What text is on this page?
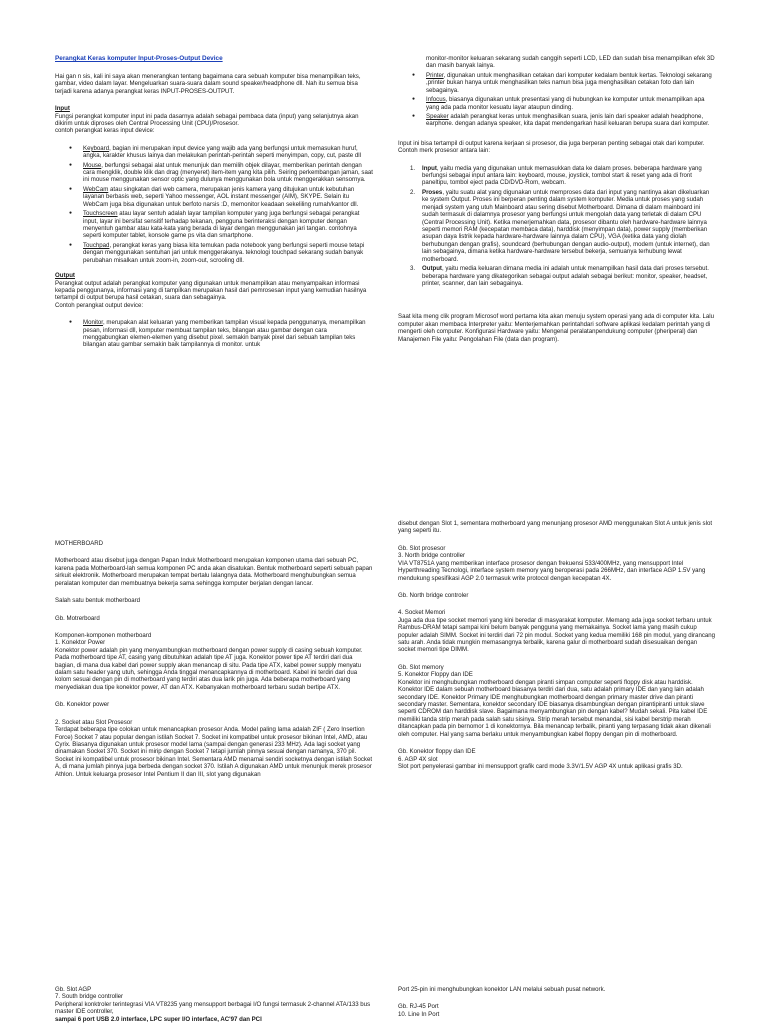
Perangkat Keras komputer Input-Proses-Output Device

Hai gan n sis, kali ini saya akan menerangkan tentang bagaimana cara sebuah komputer bisa menampilkan teks, gambar, video dalam layar. Mengeluarkan suara-suara dalam sound speaker/headphone dll. Nah itu semua bisa terjadi karena adanya perangkat keras INPUT-PROSES-OUTPUT.

Input

Fungsi perangkat komputer input ini pada dasarnya adalah sebagai pembaca data (input) yang selanjutnya akan dikirim untuk diproses oleh Central Processing Unit (CPU)/Prosesor.

contoh perangkat keras input device:

● Keyboard, bagian ini merupakan input device yang wajib ada yang berfungsi untuk memasukan huruf, angka, karakter khusus lainya dan melakukan perintah-perintah seperti menyimpan, copy, cut, paste dll
● Mouse, berfungsi sebagai alat untuk menunjuk dan memilih objek dilayar, memberikan perintah dengan cara mengklik, double klik dan drag (menyeret) item-item yang kita pilih. Seiring perkembangan jaman, saat ini mouse menggunakan sensor optic yang dulunya menggunakan bola untuk menggerakkan sensornya.
● WebCam atau singkatan dari web camera, merupakan jenis kamera yang ditujukan untuk kebutuhan layanan berbasis web, seperti Yahoo messenger, AOL instant messenger (AIM), SKYPE. Selain itu WebCam juga bisa digunakan untuk berfoto narsis :D, memonitor keadaan sekeliling rumah/kantor dll.
● Touchscreen atau layar sentuh adalah layar tampilan komputer yang juga berfungsi sebagai perangkat input, layar ini bersifat sensitif terhadap tekanan, pengguna berinteraksi dengan komputer dengan menyentuh gambar atau kata-kata yang berada di layar dengan menggunakan jari tangan. contohnya seperti komputer tablet, konsole game ps vita dan smartphone.
● Touchpad, perangkat keras yang biasa kita temukan pada notebook yang berfungsi seperti mouse tetapi dengan menggunakan sentuhan jari untuk menggerakanya. teknologi touchpad sekarang sudah banyak perubahan misalkan untuk zoom-in, zoom-out, scrooling dll.

Output

Perangkat output adalah perangkat komputer yang digunakan untuk menampilkan atau menyampaikan informasi kepada penggunanya, informasi yang di tampilkan merupakan hasil dari pemrosesan input yang kemudian hasilnya tertampil di output berupa hasil cetakan, suara dan sebagainya.

Contoh perangkat output device:

● Monitor, merupakan alat keluaran yang memberikan tampilan visual kepada penggunanya, menampilkan pesan, informasi dll, komputer membuat tampilan teks, bilangan atau gambar dengan cara menggabungkan elemen-elemen yang disebut pixel. semakin banyak pixel dari sebuah tampilan teks bilangan atau gambar semakin baik tampilannya di monitor. untuk

monitor-monitor keluaran sekarang sudah canggih seperti LCD, LED dan sudah bisa menampilkan efek 3D dan masih banyak lainya.

● Printer, digunakan untuk menghasilkan cetakan dari komputer kedalam bentuk kertas. Teknologi sekarang ,printer bukan hanya untuk menghasilkan teks namun bisa juga menghasilkan cetakan foto dan lain sebagainya.
● Infocus, biasanya digunakan untuk presentasi yang di hubungkan ke komputer untuk menampilkan apa yang ada pada monitor kesuatu layar ataupun dinding.
● Speaker adalah perangkat keras untuk menghasilkan suara, jenis lain dari speaker adalah headphone, earphone. dengan adanya speaker, kita dapat mendengarkan hasil keluaran berupa suara dari komputer.

Input ini bisa tertampil di output karena kerjaan si prosesor, dia juga berperan penting sebagai otak dari komputer.

Contoh merk prosesor antara lain:

1. Input, yaitu media yang digunakan untuk memasukkan data ke dalam proses. beberapa hardware yang berfungsi sebagai input antara lain: keyboard, mouse, joystick, tombol start & reset yang ada di front paneltipu, tombol eject pada CD/DVD-Rom, webcam.
2. Proses, yaitu suatu alat yang digunakan untuk memproses data dari input yang nantinya akan dikeluarkan ke system Output. Proses ini berperan penting dalam system komputer. Media untuk proses yang sudah menjadi system yang utuh Mainboard atau sering disebut Motherboard. Dimana di dalam mainboard ini sudah termasuk di dalamnya prosesor yang berfungsi untuk mengolah data yang terletak di dalam CPU (Central Processing Unit). Ketika menerjemahkan data, prosesor dibantu oleh hardware-hardware lainnya seperti memori RAM (kecepatan membaca data), harddisk (menyimpan data), power supply (memberikan asupan daya listrik kepada hardware-hardware lainnya dalam CPU), VGA (ketika data yang diolah berhubungan dengan grafis), soundcard (berhubungan dengan audio-output), modem (untuk internet), dan lain sebagainya, dimana ketika hardware-hardware tersebut bekerja, semuanya terhubung lewat motherboard.
3. Output, yaitu media keluaran dimana media ini adalah untuk menampilkan hasil data dari proses tersebut. beberapa hardware yang dikategorikan sebagai output adalah sebagai berikut: monitor, speaker, headset, printer, scanner, dan lain sebagainya.

Saat kita meng clik program Microsof word pertama kita akan menuju system operasi yang ada di computer kita. Lalu computer akan membaca Interpreter yaitu: Menterjemahkan perintahdari software aplikasi kedalam perintah yang di mengerti oleh computer. Konfigurasi Hardware yaitu: Mengenal peralatanpendukung computer (pheriperal) dan Manajemen File yaitu: Pengolahan File (data dan program).

MOTHERBOARD

Motherboard atau disebut juga dengan Papan Induk Motherboard merupakan komponen utama dari sebuah PC, karena pada Motherboard-lah semua komponen PC anda akan disatukan. Bentuk motherboard seperti sebuah papan sirkuit elektronik. Motherboard merupakan tempat bertalu lalangnya data. Motherboard menghubungkan semua peralatan komputer dan membuatnya bekerja sama sehingga komputer berjalan dengan lancar.

Salah satu bentuk motherboard

Gb. Motrerboard

Komponen-komponen motherboard

1. Konektor Power

Konektor power adalah pin yang menyambungkan motherboard dengan power supply di casing sebuah komputer. Pada motherboard tipe AT, casing yang dibutuhkan adalah tipe AT juga. Konektor power tipe AT terdiri dari dua bagian, di mana dua kabel dari power supply akan menancap di situ. Pada tipe ATX, kabel power supply menyatu dalam satu header yang utuh, sehingga Anda tinggal menancapkannya di motherboard. Kabel ini terdiri dari dua kolom sesuai dengan pin di motherboard yang terdiri atas dua larik pin juga. Ada beberapa motherboard yang menyediakan dua tipe konektor power, AT dan ATX. Kebanyakan motherboard terbaru sudah bertipe ATX.

Gb. Konektor power

2. Socket atau Slot Prosesor

Terdapat beberapa tipe colokan untuk menancapkan prosesor Anda. Model paling lama adalah ZIF ( Zero Insertion Force) Socket 7 atau popular dengan istilah Socket 7. Socket ini kompatibel untuk prosesor bikinan Intel, AMD, atau Cyrix. Biasanya digunakan untuk prosesor model lama (sampai dengan generasi 233 MHz). Ada lagi socket yang dinamakan Socket 370. Socket ini mirip dengan Socket 7 tetapi jumlah pinnya sesuai dengan namanya, 370 pil. Socket ini kompatibel untuk prosesor bikinan Intel. Sementara AMD menamai sendiri socketnya dengan istilah Socket A, di mana jumlah pinnya juga berbeda dengan socket 370. Istilah A digunakan AMD untuk menunjuk merek prosesor Athlon. Untuk keluarga prosesor Intel Pentium II dan III, slot yang digunakan

disebut dengan Slot 1, sementara motherboard yang menunjang prosesor AMD menggunakan Slot A untuk jenis slot yang seperti itu.

Gb. Slot prosesor

3. North bridge controller

VIA VT8751A yang memberikan interface prosesor dengan frekuensi 533/400MHz, yang mensupport Intel Hyperthreading Tecnologi, interface system memory yang beroperasi pada 266MHz, dan interface AGP 1.5V yang mendukung spesifikasi AGP 2.0 termasuk write protocol dengan kecepatan 4X.

Gb. North bridge controler

4. Socket Memori

Juga ada dua tipe socket memori yang kini beredar di masyarakat komputer. Memang ada juga socket terbaru untuk Rambus-DRAM tetapi sampai kini belum banyak pengguna yang memakainya. Socket lama yang masih cukup populer adalah SIMM. Socket ini terdiri dari 72 pin modul. Socket yang kedua memiliki 168 pin modul, yang dirancang satu arah. Anda tidak mungkin memasangnya terbalik, karena galur di motherboard sudah disesuaikan dengan socket memori tipe DIMM.

Gb. Slot memory

5. Konektor Floppy dan IDE

Konektor ini menghubungkan motherboard dengan piranti simpan computer seperti floppy disk atau harddisk. Konektor IDE dalam sebuah motherboard biasanya terdiri dari dua, satu adalah primary IDE dan yang lain adalah secondary IDE. Konektor Primary IDE menghubungkan motherboard dengan primary master drive dan piranti secondary master. Sementara, konektor secondary IDE biasanya disambungkan dengan pirantipiranti untuk slave seperti CDROM dan harddisk slave. Bagaimana menyambungkan pin dengan kabel? Mudah sekali. Pita kabel IDE memiliki tanda strip merah pada salah satu sisinya. Strip merah tersebut menandai, sisi kabel berstrip merah ditancapkan pada pin bernomor 1 di konektornya. Bila menancap terbalik, piranti yang terpasang tidak akan dikenali oleh computer. Hal yang sama berlaku untuk menyambungkan kabel floppy dengan pin di motherboard.

Gb. Konektor floppy dan IDE

6. AGP 4X slot

Slot port penyelerasi gambar ini mensupport grafik card mode 3.3V/1.5V AGP 4X untuk aplikasi grafis 3D.

Gb. Slot AGP

7. South bridge controller

Peripheral konktroler terintegrasi VIA VT8235 yang mensupport berbagai I/O fungsi termasuk 2-channel ATA/133 bus master IDE controller,

sampai 6 port USB 2.0 interface, LPC super I/O interface, AC'97 dan PCI

Port 25-pin ini menghubungkan konektor LAN melalui sebuah pusat network.

Gb. RJ-45 Port

10. Line In Port
